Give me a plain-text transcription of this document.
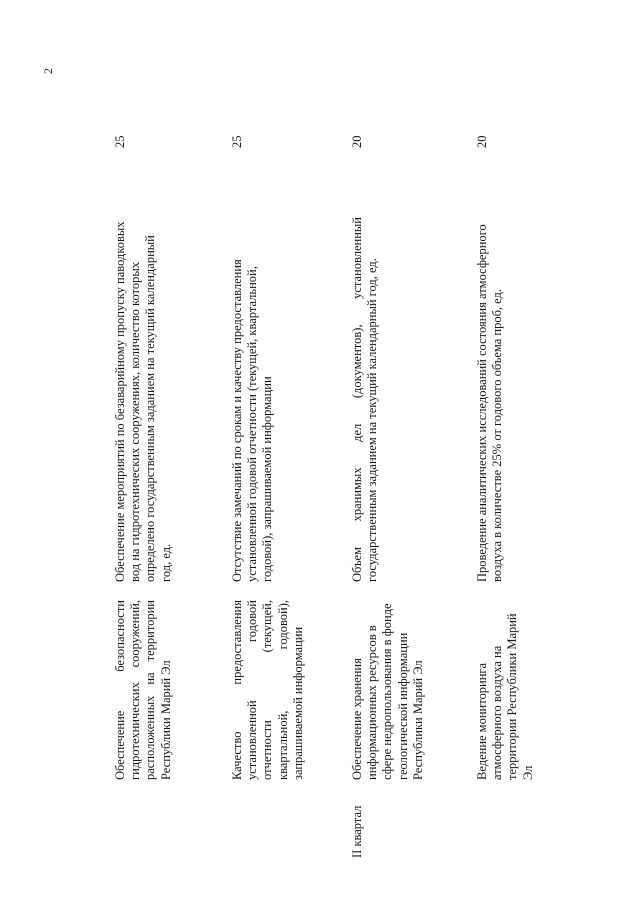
2
Обеспечение безопасности гидротехнических сооружений, расположенных на территории Республики Марий Эл
Обеспечение мероприятий по безаварийному пропуску паводковых вод на гидротехнических сооружениях, количество которых определено государственным заданием на текущий календарный год, ед.
25
Качество предоставления установленной годовой отчетности (текущей, квартальной, годовой), запрашиваемой информации
Отсутствие замечаний по срокам и качеству предоставления установленной годовой отчетности (текущей, квартальной, годовой), запрашиваемой информации
25
II квартал
Обеспечение хранения информационных ресурсов в сфере недропользования в фонде геологической информации Республики Марий Эл
Объем хранимых дел (документов), установленный государственным заданием на текущий календарный год, ед.
20
Ведение мониторинга атмосферного воздуха на территории Республики Марий Эл
Проведение аналитических исследований состояния атмосферного воздуха в количестве 25% от годового объема проб, ед.
20
